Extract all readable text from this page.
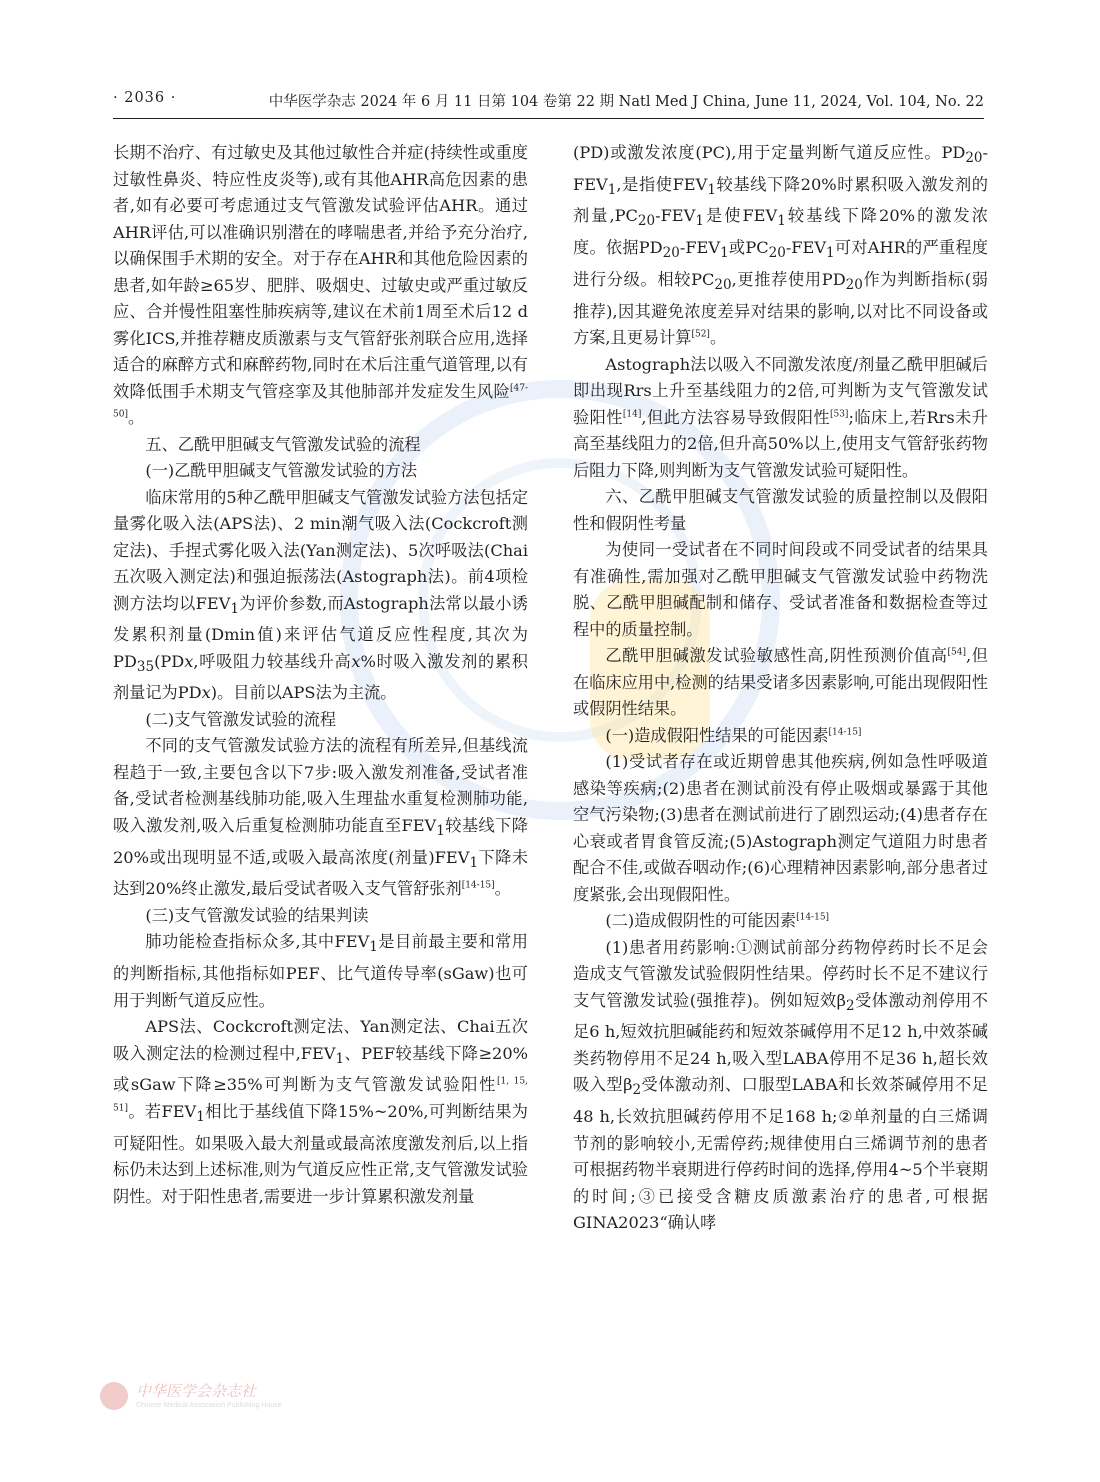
· 2036 ·	中华医学杂志 2024 年 6 月 11 日第 104 卷第 22 期 Natl Med J China, June 11, 2024, Vol. 104, No. 22

长期不治疗、有过敏史及其他过敏性合并症(持续性或重度过敏性鼻炎、特应性皮炎等),或有其他AHR高危因素的患者,如有必要可考虑通过支气管激发试验评估AHR。通过AHR评估,可以准确识别潜在的哮喘患者,并给予充分治疗,以确保围手术期的安全。对于存在AHR和其他危险因素的患者,如年龄≥65岁、肥胖、吸烟史、过敏史或严重过敏反应、合并慢性阻塞性肺疾病等,建议在术前1周至术后12 d雾化ICS,并推荐糖皮质激素与支气管舒张剂联合应用,选择适合的麻醉方式和麻醉药物,同时在术后注重气道管理,以有效降低围手术期支气管痉挛及其他肺部并发症发生风险[47-50]。

五、乙酰甲胆碱支气管激发试验的流程

(一)乙酰甲胆碱支气管激发试验的方法

临床常用的5种乙酰甲胆碱支气管激发试验方法包括定量雾化吸入法(APS法)、2 min潮气吸入法(Cockcroft测定法)、手捏式雾化吸入法(Yan测定法)、5次呼吸法(Chai五次吸入测定法)和强迫振荡法(Astograph法)。前4项检测方法均以$FEV_1$为评价参数,而Astograph法常以最小诱发累积剂量(Dmin值)来评估气道反应性程度,其次为$PD_{35}(PDx$,呼吸阻力较基线升高x%时吸入激发剂的累积剂量记为PDx)。目前以APS法为主流。

(二)支气管激发试验的流程

不同的支气管激发试验方法的流程有所差异,但基线流程趋于一致,主要包含以下7步:吸入激发剂准备,受试者准备,受试者检测基线肺功能,吸入生理盐水重复检测肺功能,吸入激发剂,吸入后重复检测肺功能直至$FEV_1$较基线下降20%或出现明显不适,或吸入最高浓度(剂量)$FEV_1$下降未达到20%终止激发,最后受试者吸入支气管舒张剂[14-15]。

(三)支气管激发试验的结果判读

肺功能检查指标众多,其中$FEV_1$是目前最主要和常用的判断指标,其他指标如PEF、比气道传导率(sGaw)也可用于判断气道反应性。

APS法、Cockcroft测定法、Yan测定法、Chai五次吸入测定法的检测过程中$,FEV_1$、PEF较基线下降≥20%或sGaw下降≥35%可判断为支气管激发试验阳性[1, 15, 51]。若$FEV_1$相比于基线值下降15%~20%,可判断结果为可疑阳性。如果吸入最大剂量或最高浓度激发剂后,以上指标仍未达到上述标准,则为气道反应性正常,支气管激发试验阴性。对于阳性患者,需要进一步计算累积激发剂量

(PD)或激发浓度(PC),用于定量判断气道反应性。$PD_{20}-FEV_1$,是指使$FEV_1$较基线下降20%时累积吸入激发剂的剂量$,PC_{20}-FEV_1$是使$FEV_1$较基线下降20%的激发浓度。依据$PD_{20}-FEV_1$或$PC_{20}-FEV_1$可对AHR的严重程度进行分级。相较$PC_{20}$,更推荐使用$PD_{20}$作为判断指标(弱推荐),因其避免浓度差异对结果的影响,以对比不同设备或方案,且更易计算[52]。

Astograph法以吸入不同激发浓度/剂量乙酰甲胆碱后即出现Rrs上升至基线阻力的2倍,可判断为支气管激发试验阳性[14],但此方法容易导致假阳性[53];临床上,若Rrs未升高至基线阻力的2倍,但升高50%以上,使用支气管舒张药物后阻力下降,则判断为支气管激发试验可疑阳性。

六、乙酰甲胆碱支气管激发试验的质量控制以及假阳性和假阴性考量

为使同一受试者在不同时间段或不同受试者的结果具有准确性,需加强对乙酰甲胆碱支气管激发试验中药物洗脱、乙酰甲胆碱配制和储存、受试者准备和数据检查等过程中的质量控制。

乙酰甲胆碱激发试验敏感性高,阴性预测价值高[54],但在临床应用中,检测的结果受诸多因素影响,可能出现假阳性或假阴性结果。

(一)造成假阳性结果的可能因素[14-15]

(1)受试者存在或近期曾患其他疾病,例如急性呼吸道感染等疾病;(2)患者在测试前没有停止吸烟或暴露于其他空气污染物;(3)患者在测试前进行了剧烈运动;(4)患者存在心衰或者胃食管反流;(5)Astograph测定气道阻力时患者配合不佳,或做吞咽动作;(6)心理精神因素影响,部分患者过度紧张,会出现假阳性。

(二)造成假阴性的可能因素[14-15]

(1)患者用药影响:①测试前部分药物停药时长不足会造成支气管激发试验假阴性结果。停药时长不足不建议行支气管激发试验(强推荐)。例如短效$\beta_2$受体激动剂停用不足6 h,短效抗胆碱能药和短效茶碱停用不足12 h,中效茶碱类药物停用不足24 h,吸入型LABA停用不足36 h,超长效吸入型$\beta_2$受体激动剂、口服型LABA和长效茶碱停用不足48 h,长效抗胆碱药停用不足168 h;②单剂量的白三烯调节剂的影响较小,无需停药;规律使用白三烯调节剂的患者可根据药物半衰期进行停药时间的选择,停用4~5个半衰期的时间;③已接受含糖皮质激素治疗的患者,可根据GINA2023“确认哮

中华医学会杂志社
Chinese Medical Association Publishing House
